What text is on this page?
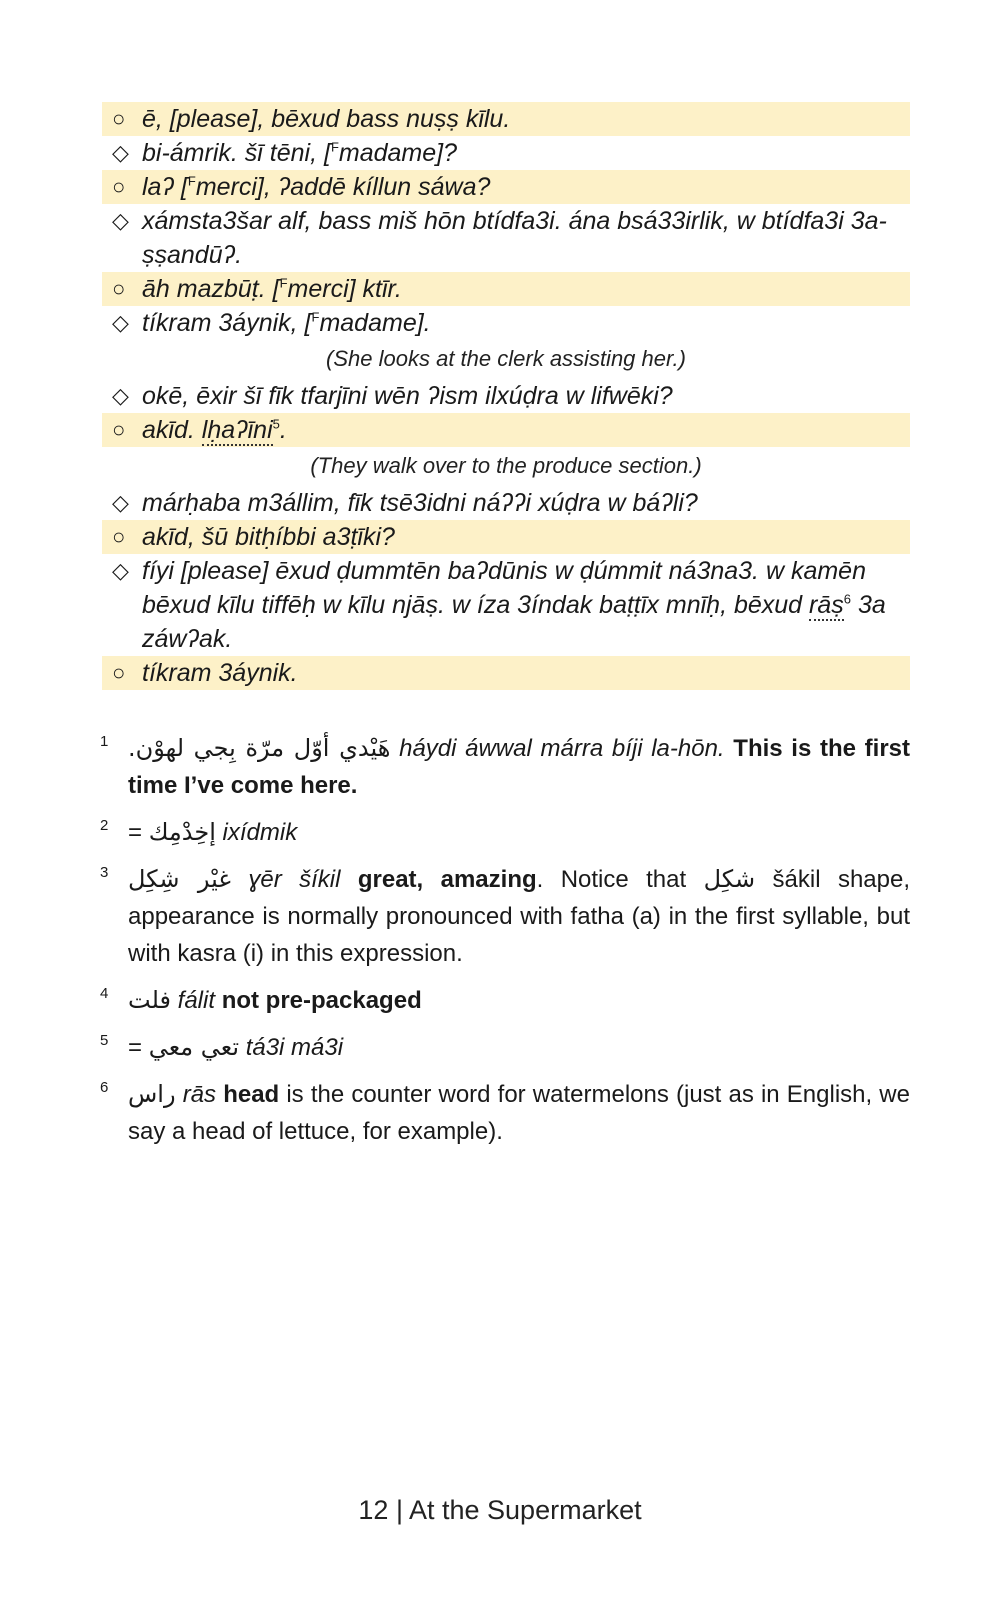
○ ē, [please], bēxud bass nuṣṣ kīlu.
◇ bi-ámrik. šī tēni, [$^F$madame]?
○ laʔ [$^F$merci], ʔaddē kíllun sáwa?
◇ xámsta3šar alf, bass miš hōn btídfa3i. ána bsá33irlik, w btídfa3i 3a-ṣṣandūʔ.
○ āh mazbūṭ. [$^F$merci] ktīr.
◇ tíkram 3áynik, [$^F$madame].
(She looks at the clerk assisting her.)
◇ okē, ēxir šī fīk tfarjīni wēn ʔism ilxúḍra w lifwēki?
○ akīd. lḥaʔīni$^5$.
(They walk over to the produce section.)
◇ márḥaba m3állim, fīk tsē3idni náʔʔi xúḍra w báʔli?
○ akīd, šū bitḥíbbi a3ṭīki?
◇ fíyi [please] ēxud ḍummtēn baʔdūnis w ḍúmmit ná3na3. w kamēn bēxud kīlu tiffēḥ w kīlu njāṣ. w íza 3índak baṭṭīx mnīḥ, bēxud rāṣ$^6$ 3a záwʔak.
○ tíkram 3áynik.
1 هَيْدي أوّل مرّة بِجي لهوْن. háydi áwwal márra bíji la-hōn. This is the first time I’ve come here.
2 = إخِدْمِك ixídmik
3 غيْر شِكِل ɣēr šíkil great, amazing. Notice that شكِل šákil shape, appearance is normally pronounced with fatha (a) in the first syllable, but with kasra (i) in this expression.
4 فلت fálit not pre-packaged
5 = تعي معي tá3i má3i
6 راس rās head is the counter word for watermelons (just as in English, we say a head of lettuce, for example).
12 | At the Supermarket
